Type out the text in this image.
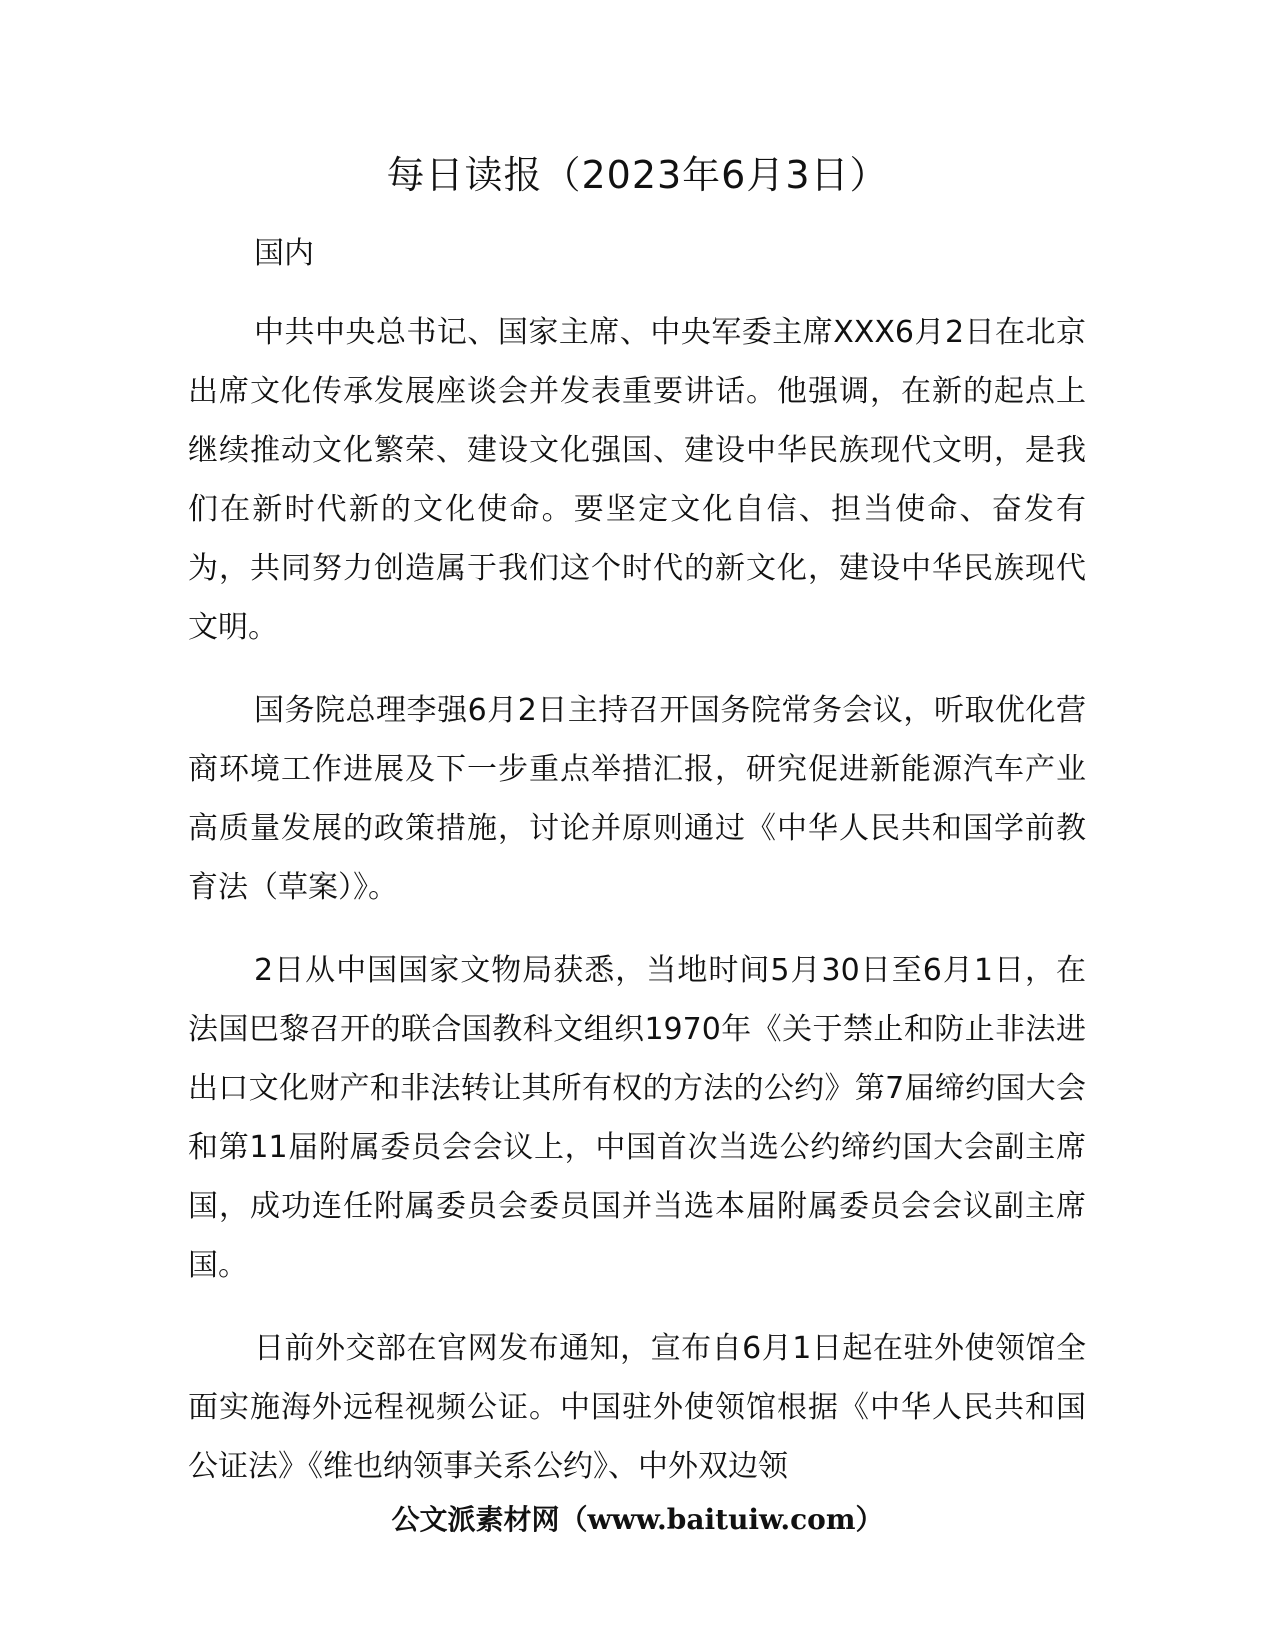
每日读报（2023年6月3日）
国内

中共中央总书记、国家主席、中央军委主席XXX6月2日在北京出席文化传承发展座谈会并发表重要讲话。他强调，在新的起点上继续推动文化繁荣、建设文化强国、建设中华民族现代文明，是我们在新时代新的文化使命。要坚定文化自信、担当使命、奋发有为，共同努力创造属于我们这个时代的新文化，建设中华民族现代文明。

国务院总理李强6月2日主持召开国务院常务会议，听取优化营商环境工作进展及下一步重点举措汇报，研究促进新能源汽车产业高质量发展的政策措施，讨论并原则通过《中华人民共和国学前教育法（草案）》。

2日从中国国家文物局获悉，当地时间5月30日至6月1日，在法国巴黎召开的联合国教科文组织1970年《关于禁止和防止非法进出口文化财产和非法转让其所有权的方法的公约》第7届缔约国大会和第11届附属委员会会议上，中国首次当选公约缔约国大会副主席国，成功连任附属委员会委员国并当选本届附属委员会会议副主席国。

日前外交部在官网发布通知，宣布自6月1日起在驻外使领馆全面实施海外远程视频公证。中国驻外使领馆根据《中华人民共和国公证法》《维也纳领事关系公约》、中外双边领

公文派素材网（www.baituiw.com）
